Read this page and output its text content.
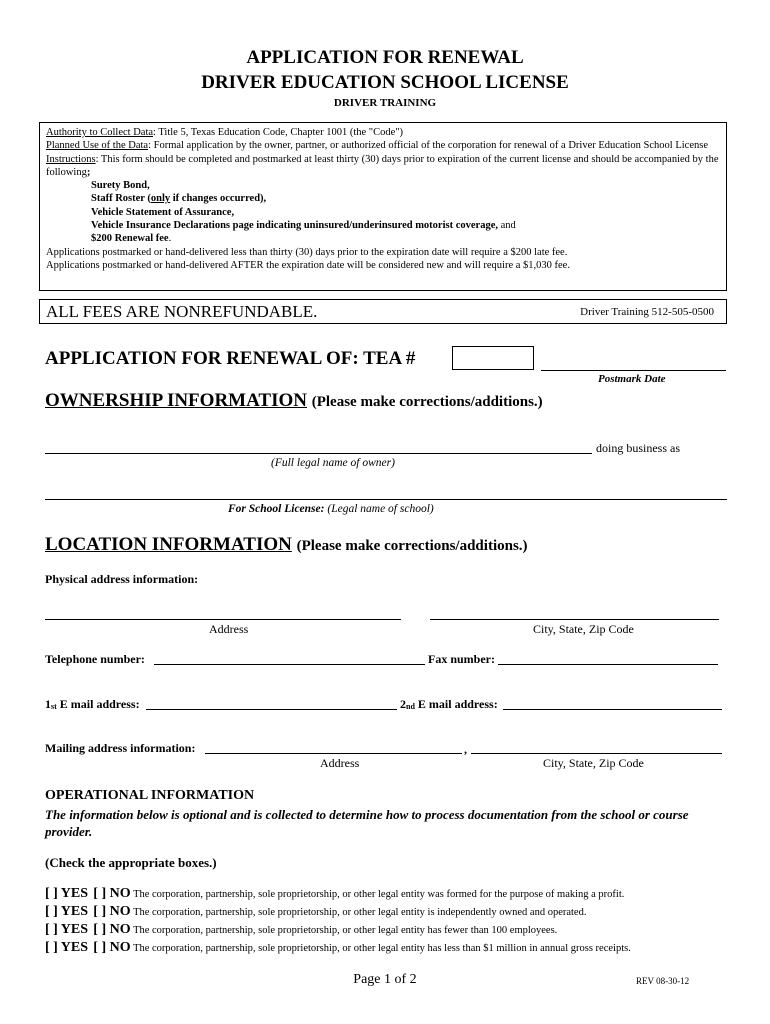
APPLICATION FOR RENEWAL
DRIVER EDUCATION SCHOOL LICENSE
DRIVER TRAINING

Authority to Collect Data: Title 5, Texas Education Code, Chapter 1001 (the "Code")

Planned Use of the Data: Formal application by the owner, partner, or authorized official of the corporation for renewal of a Driver Education School License

Instructions: This form should be completed and postmarked at least thirty (30) days prior to expiration of the current license and should be accompanied by the following;

Surety Bond,

Staff Roster (only if changes occurred),

Vehicle Statement of Assurance,

Vehicle Insurance Declarations page indicating uninsured/underinsured motorist coverage, and

$200 Renewal fee.

Applications postmarked or hand-delivered less than thirty (30) days prior to the expiration date will require a $200 late fee.

Applications postmarked or hand-delivered AFTER the expiration date will be considered new and will require a $1,030 fee.

ALL FEES ARE NONREFUNDABLE.	Driver Training 512-505-0500
APPLICATION FOR RENEWAL OF: TEA #
Postmark Date
OWNERSHIP INFORMATION (Please make corrections/additions.)
doing business as
(Full legal name of owner)
For School License: (Legal name of school)
LOCATION INFORMATION (Please make corrections/additions.)
Physical address information:
Address	City, State, Zip Code
Telephone number:	Fax number:
$1_{st}$ E mail address:	$2_{nd}$ E mail address:
Mailing address information:	,
Address	City, State, Zip Code
OPERATIONAL INFORMATION
The information below is optional and is collected to determine how to process documentation from the school or course provider.
(Check the appropriate boxes.)
[ ] YES [ ] NO The corporation, partnership, sole proprietorship, or other legal entity was formed for the purpose of making a profit.
[ ] YES [ ] NO The corporation, partnership, sole proprietorship, or other legal entity is independently owned and operated.
[ ] YES [ ] NO The corporation, partnership, sole proprietorship, or other legal entity has fewer than 100 employees.
[ ] YES [ ] NO The corporation, partnership, sole proprietorship, or other legal entity has less than $1 million in annual gross receipts.
Page 1 of 2	REV 08-30-12
